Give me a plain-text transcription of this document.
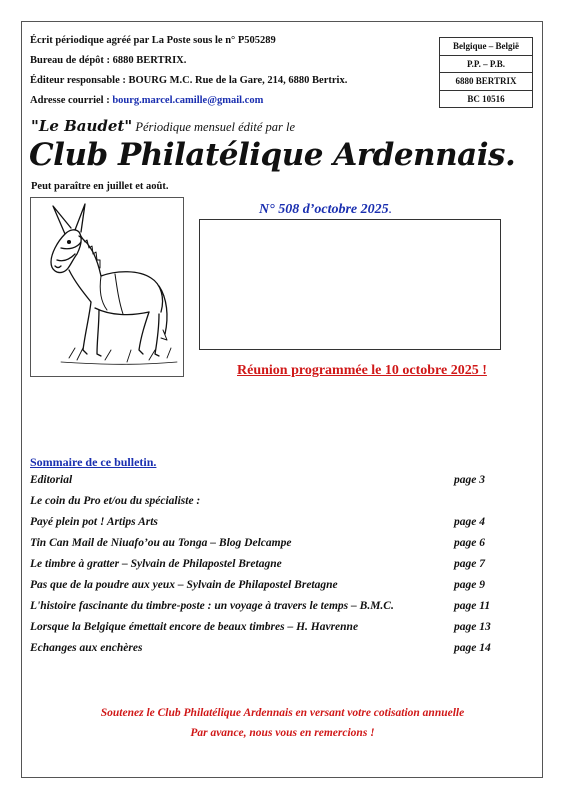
Écrit périodique agréé par La Poste sous le n° P505289
Bureau de dépôt : 6880 BERTRIX.
Éditeur responsable : BOURG M.C. Rue de la Gare, 214, 6880 Bertrix.
Adresse courriel : bourg.marcel.camille@gmail.com
Belgique – België
P.P. – P.B.
6880 BERTRIX
BC 10516
"Le Baudet" Périodique mensuel édité par le
Club Philatélique Ardennais.
Peut paraître en juillet et août.
N° 508 d’octobre 2025.
Réunion programmée le 10 octobre 2025 !
Sommaire de ce bulletin.
Editorial	page 3
Le coin du Pro et/ou du spécialiste :
Payé plein pot ! Artips Arts	page 4
Tin Can Mail de Niuafo’ou au Tonga – Blog Delcampe	page 6
Le timbre à gratter – Sylvain de Philapostel Bretagne	page 7
Pas que de la poudre aux yeux – Sylvain de Philapostel Bretagne	page 9
L'histoire fascinante du timbre-poste : un voyage à travers le temps – B.M.C.	page 11
Lorsque la Belgique émettait encore de beaux timbres – H. Havrenne	page 13
Echanges aux enchères	page 14
Soutenez le Club Philatélique Ardennais en versant votre cotisation annuelle
Par avance, nous vous en remercions !
